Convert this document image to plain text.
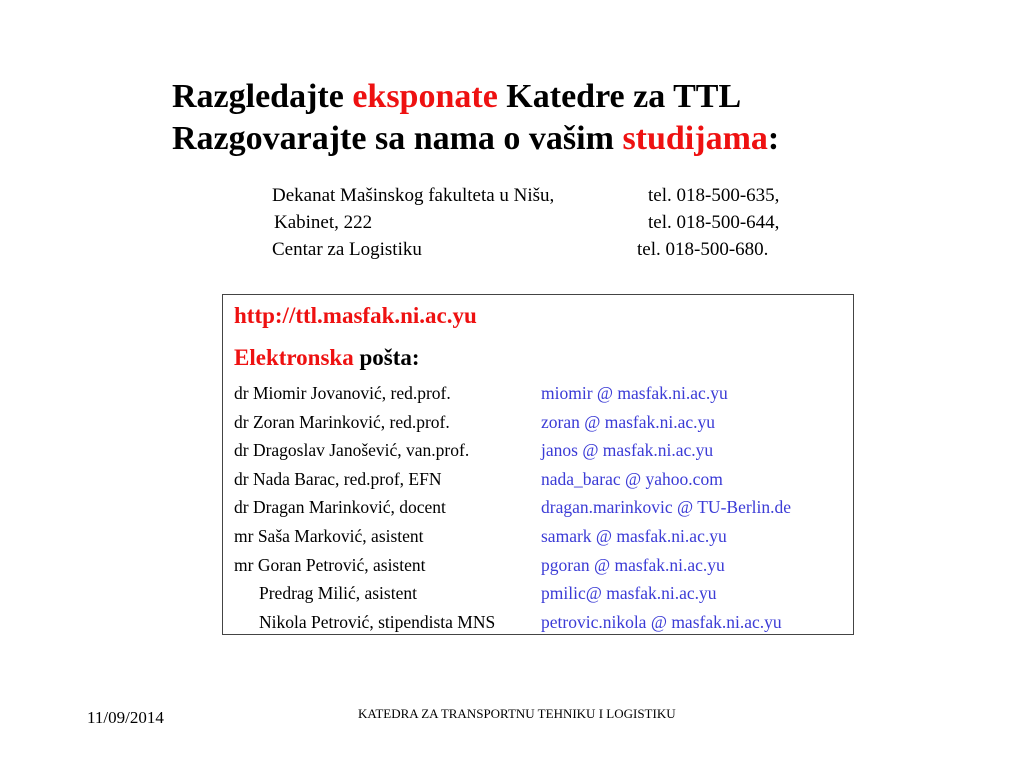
Razgledajte eksponate Katedre za TTL
Razgovarajte sa nama o vašim studijama:
Dekanat Mašinskog fakulteta u Nišu,	tel. 018-500-635,
Kabinet, 222	tel. 018-500-644,
Centar za Logistiku	tel. 018-500-680.
http://ttl.masfak.ni.ac.yu
Elektronska pošta:
dr Miomir Jovanović, red.prof.	miomir @ masfak.ni.ac.yu
dr Zoran Marinković, red.prof.	zoran @ masfak.ni.ac.yu
dr Dragoslav Janošević, van.prof.	janos @ masfak.ni.ac.yu
dr Nada Barac, red.prof, EFN	nada_barac @ yahoo.com
dr Dragan Marinković, docent	dragan.marinkovic @ TU-Berlin.de
mr Saša Marković, asistent	samark @ masfak.ni.ac.yu
mr Goran Petrović, asistent	pgoran @ masfak.ni.ac.yu
Predrag Milić, asistent	pmilic@ masfak.ni.ac.yu
Nikola Petrović, stipendista MNS	petrovic.nikola @ masfak.ni.ac.yu
11/09/2014	KATEDRA ZA TRANSPORTNU TEHNIKU I LOGISTIKU
